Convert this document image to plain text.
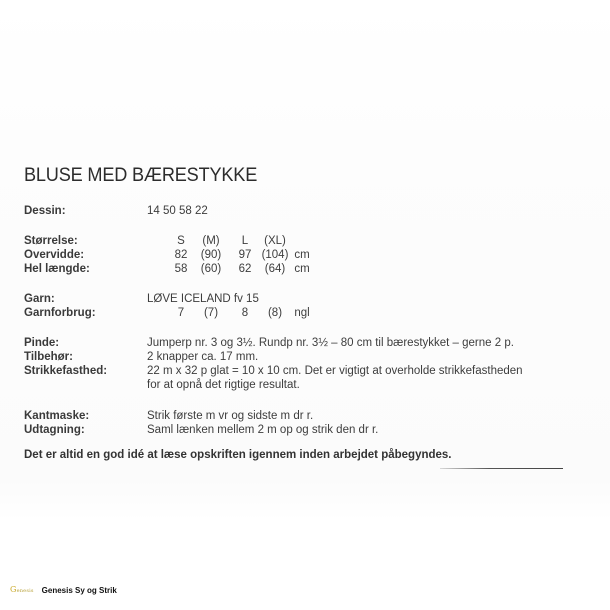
BLUSE MED BÆRESTYKKE
Dessin:	14 50 58 22
Størrelse:	S	(M)	L	(XL)
Overvidde:	82	(90)	97 (104) cm
Hel længde:	58	(60)	62	(64) cm
Garn:	LØVE ICELAND fv 15
Garnforbrug:	7	(7)	8	(8)	ngl
Pinde:	Jumperp nr. 3 og 3½. Rundp nr. 3½ – 80 cm til bærestykket – gerne 2 p.
Tilbehør:	2 knapper ca. 17 mm.
Strikkefasthed:	22 m x 32 p glat = 10 x 10 cm. Det er vigtigt at overholde strikkefastheden
for at opnå det rigtige resultat.
Kantmaske:	Strik første m vr og sidste m dr r.
Udtagning:	Saml lænken mellem 2 m op og strik den dr r.
Det er altid en god idé at læse opskriften igennem inden arbejdet påbegyndes.
Genesis Genesis Sy og Strik
